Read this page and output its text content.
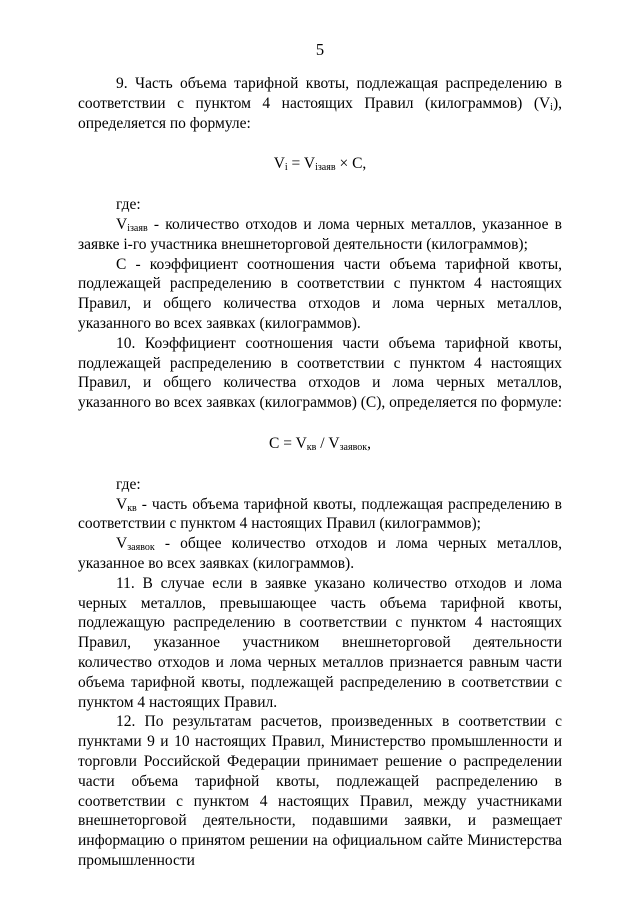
5

9. Часть объема тарифной квоты, подлежащая распределению в соответствии с пунктом 4 настоящих Правил (килограммов) $(V_i)$, определяется по формуле:

$V_i = V_{iзаяв} \times C$,

где:

$V_{iзаяв}$ - количество отходов и лома черных металлов, указанное в заявке i-го участника внешнеторговой деятельности (килограммов);

C - коэффициент соотношения части объема тарифной квоты, подлежащей распределению в соответствии с пунктом 4 настоящих Правил, и общего количества отходов и лома черных металлов, указанного во всех заявках (килограммов).

10. Коэффициент соотношения части объема тарифной квоты, подлежащей распределению в соответствии с пунктом 4 настоящих Правил, и общего количества отходов и лома черных металлов, указанного во всех заявках (килограммов) (C), определяется по формуле:

$C = V_{кв} / V_{заявок}$,

где:

$V_{кв}$ - часть объема тарифной квоты, подлежащая распределению в соответствии с пунктом 4 настоящих Правил (килограммов);

$V_{заявок}$ - общее количество отходов и лома черных металлов, указанное во всех заявках (килограммов).

11. В случае если в заявке указано количество отходов и лома черных металлов, превышающее часть объема тарифной квоты, подлежащую распределению в соответствии с пунктом 4 настоящих Правил, указанное участником внешнеторговой деятельности количество отходов и лома черных металлов признается равным части объема тарифной квоты, подлежащей распределению в соответствии с пунктом 4 настоящих Правил.

12. По результатам расчетов, произведенных в соответствии с пунктами 9 и 10 настоящих Правил, Министерство промышленности и торговли Российской Федерации принимает решение о распределении части объема тарифной квоты, подлежащей распределению в соответствии с пунктом 4 настоящих Правил, между участниками внешнеторговой деятельности, подавшими заявки, и размещает информацию о принятом решении на официальном сайте Министерства промышленности
